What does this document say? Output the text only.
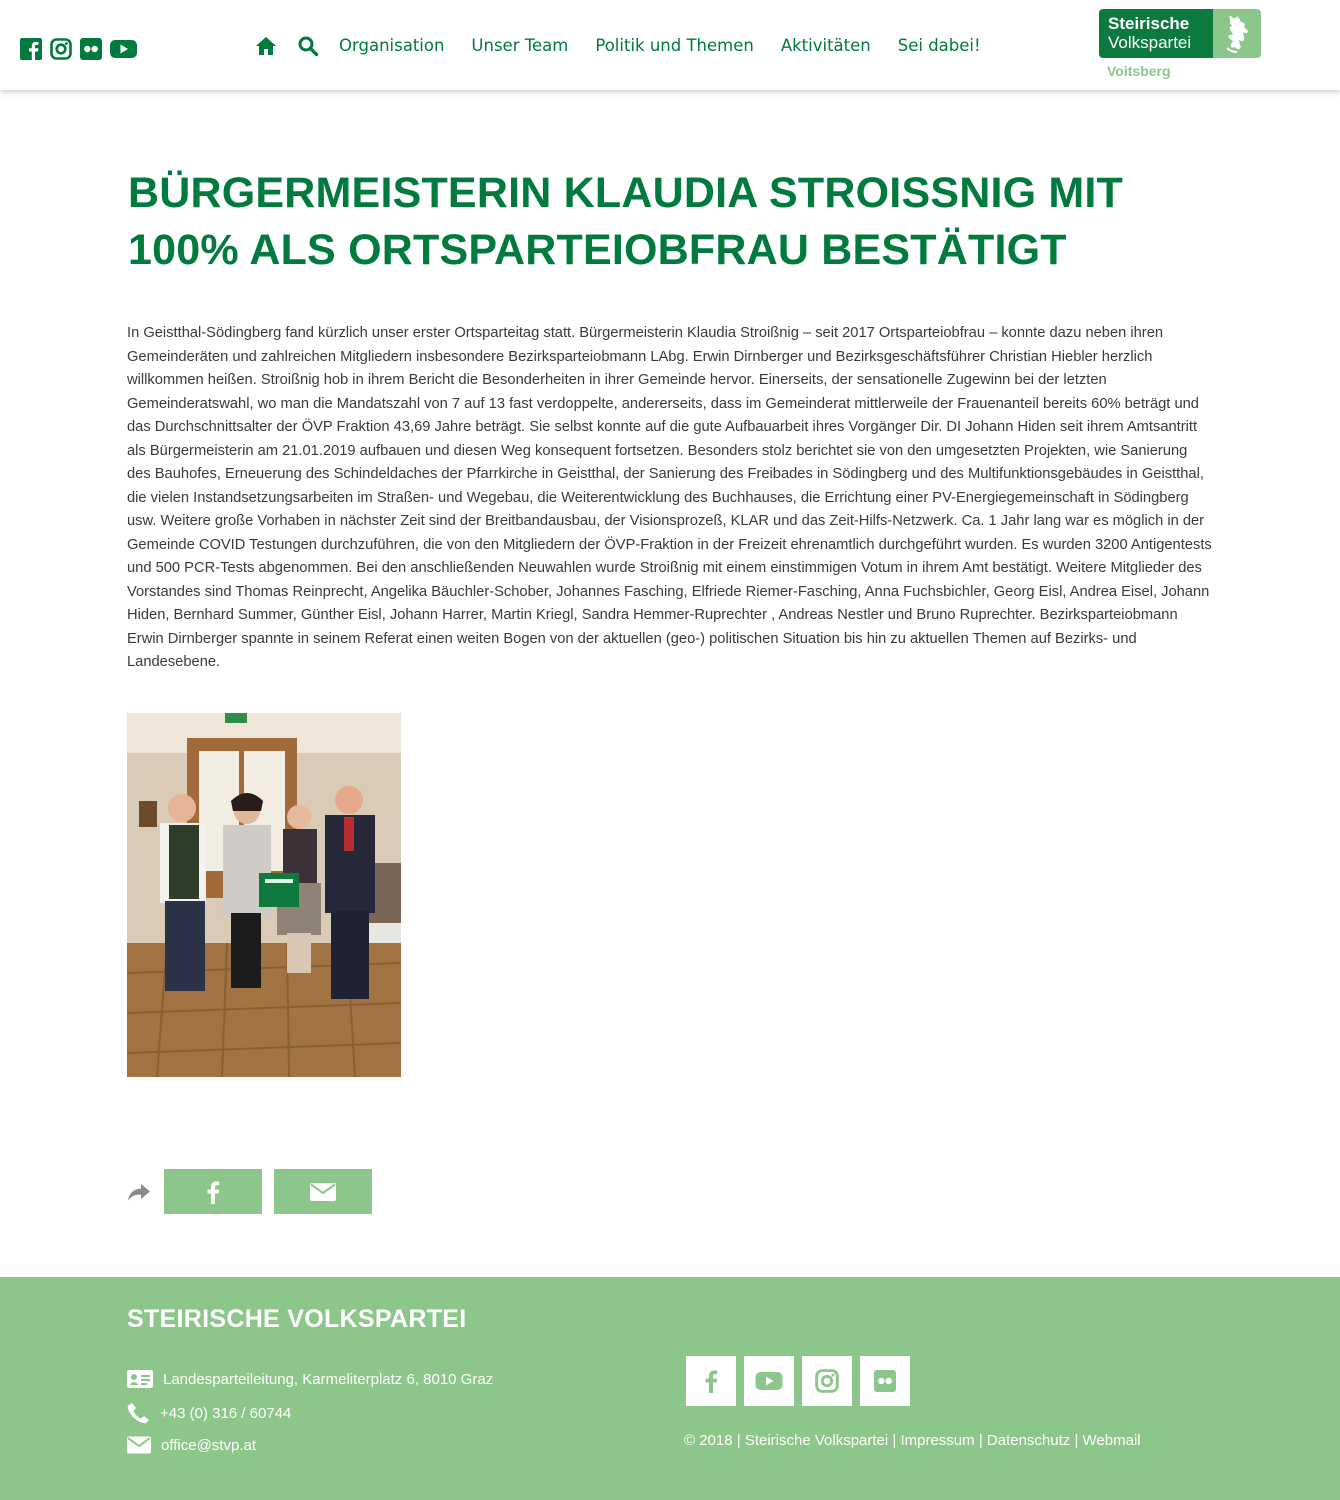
Organisation Unser Team Politik und Themen Aktivitäten Sei dabei!
Steirische
Volkspartei
Voitsberg
BÜRGERMEISTERIN KLAUDIA STROISSNIG MIT 100% ALS ORTSPARTEIOBFRAU BESTÄTIGT

In Geistthal-Södingberg fand kürzlich unser erster Ortsparteitag statt. Bürgermeisterin Klaudia Stroißnig – seit 2017 Ortsparteiobfrau – konnte dazu neben ihren Gemeinderäten und zahlreichen Mitgliedern insbesondere Bezirksparteiobmann LAbg. Erwin Dirnberger und Bezirksgeschäftsführer Christian Hiebler herzlich willkommen heißen. Stroißnig hob in ihrem Bericht die Besonderheiten in ihrer Gemeinde hervor. Einerseits, der sensationelle Zugewinn bei der letzten Gemeinderatswahl, wo man die Mandatszahl von 7 auf 13 fast verdoppelte, andererseits, dass im Gemeinderat mittlerweile der Frauenanteil bereits 60% beträgt und das Durchschnittsalter der ÖVP Fraktion 43,69 Jahre beträgt. Sie selbst konnte auf die gute Aufbauarbeit ihres Vorgänger Dir. DI Johann Hiden seit ihrem Amtsantritt als Bürgermeisterin am 21.01.2019 aufbauen und diesen Weg konsequent fortsetzen. Besonders stolz berichtet sie von den umgesetzten Projekten, wie Sanierung des Bauhofes, Erneuerung des Schindeldaches der Pfarrkirche in Geistthal, der Sanierung des Freibades in Södingberg und des Multifunktionsgebäudes in Geistthal, die vielen Instandsetzungsarbeiten im Straßen- und Wegebau, die Weiterentwicklung des Buchhauses, die Errichtung einer PV-Energiegemeinschaft in Södingberg usw. Weitere große Vorhaben in nächster Zeit sind der Breitbandausbau, der Visionsprozeß, KLAR und das Zeit-Hilfs-Netzwerk. Ca. 1 Jahr lang war es möglich in der Gemeinde COVID Testungen durchzuführen, die von den Mitgliedern der ÖVP-Fraktion in der Freizeit ehrenamtlich durchgeführt wurden. Es wurden 3200 Antigentests und 500 PCR-Tests abgenommen. Bei den anschließenden Neuwahlen wurde Stroißnig mit einem einstimmigen Votum in ihrem Amt bestätigt. Weitere Mitglieder des Vorstandes sind Thomas Reinprecht, Angelika Bäuchler-Schober, Johannes Fasching, Elfriede Riemer-Fasching, Anna Fuchsbichler, Georg Eisl, Andrea Eisel, Johann Hiden, Bernhard Summer, Günther Eisl, Johann Harrer, Martin Kriegl, Sandra Hemmer-Ruprechter , Andreas Nestler und Bruno Ruprechter. Bezirksparteiobmann Erwin Dirnberger spannte in seinem Referat einen weiten Bogen von der aktuellen (geo-) politischen Situation bis hin zu aktuellen Themen auf Bezirks- und Landesebene.

STEIRISCHE VOLKSPARTEI
Landesparteileitung, Karmeliterplatz 6, 8010 Graz
+43 (0) 316 / 60744
office@stvp.at	© 2018 | Steirische Volkspartei | Impressum | Datenschutz | Webmail
